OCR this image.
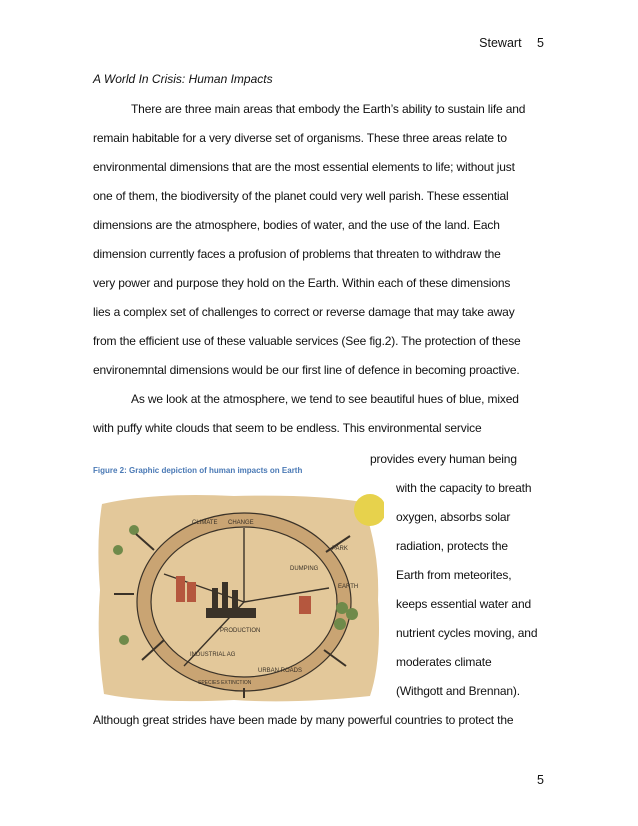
Stewart 5
A World In Crisis: Human Impacts
There are three main areas that embody the Earth’s ability to sustain life and
remain habitable for a very diverse set of organisms. These three areas relate to
environmental dimensions that are the most essential elements to life; without just
one of them, the biodiversity of the planet could very well parish. These essential
dimensions are the atmosphere, bodies of water, and the use of the land. Each
dimension currently faces a profusion of problems that threaten to withdraw the
very power and purpose they hold on the Earth. Within each of these dimensions
lies a complex set of challenges to correct or reverse damage that may take away
from the efficient use of these valuable services (See fig.2). The protection of these
environemntal dimensions would be our first line of defence in becoming proactive.
As we look at the atmosphere, we tend to see beautiful hues of blue, mixed
with puffy white clouds that seem to be endless. This environmental service
Figure 2: Graphic depiction of human impacts on Earth
provides every human being
with the capacity to breath
oxygen, absorbs solar
radiation, protects the
Earth from meteorites,
keeps essential water and
nutrient cycles moving, and
moderates climate
(Withgott and Brennan).
Although great strides have been made by many powerful countries to protect the
CLIMATE CHANGE
DUMPING
PRODUCTION
INDUSTRIAL AG
URBAN ROADS
SPECIES EXTINCTION
EARTH
PARK
5
